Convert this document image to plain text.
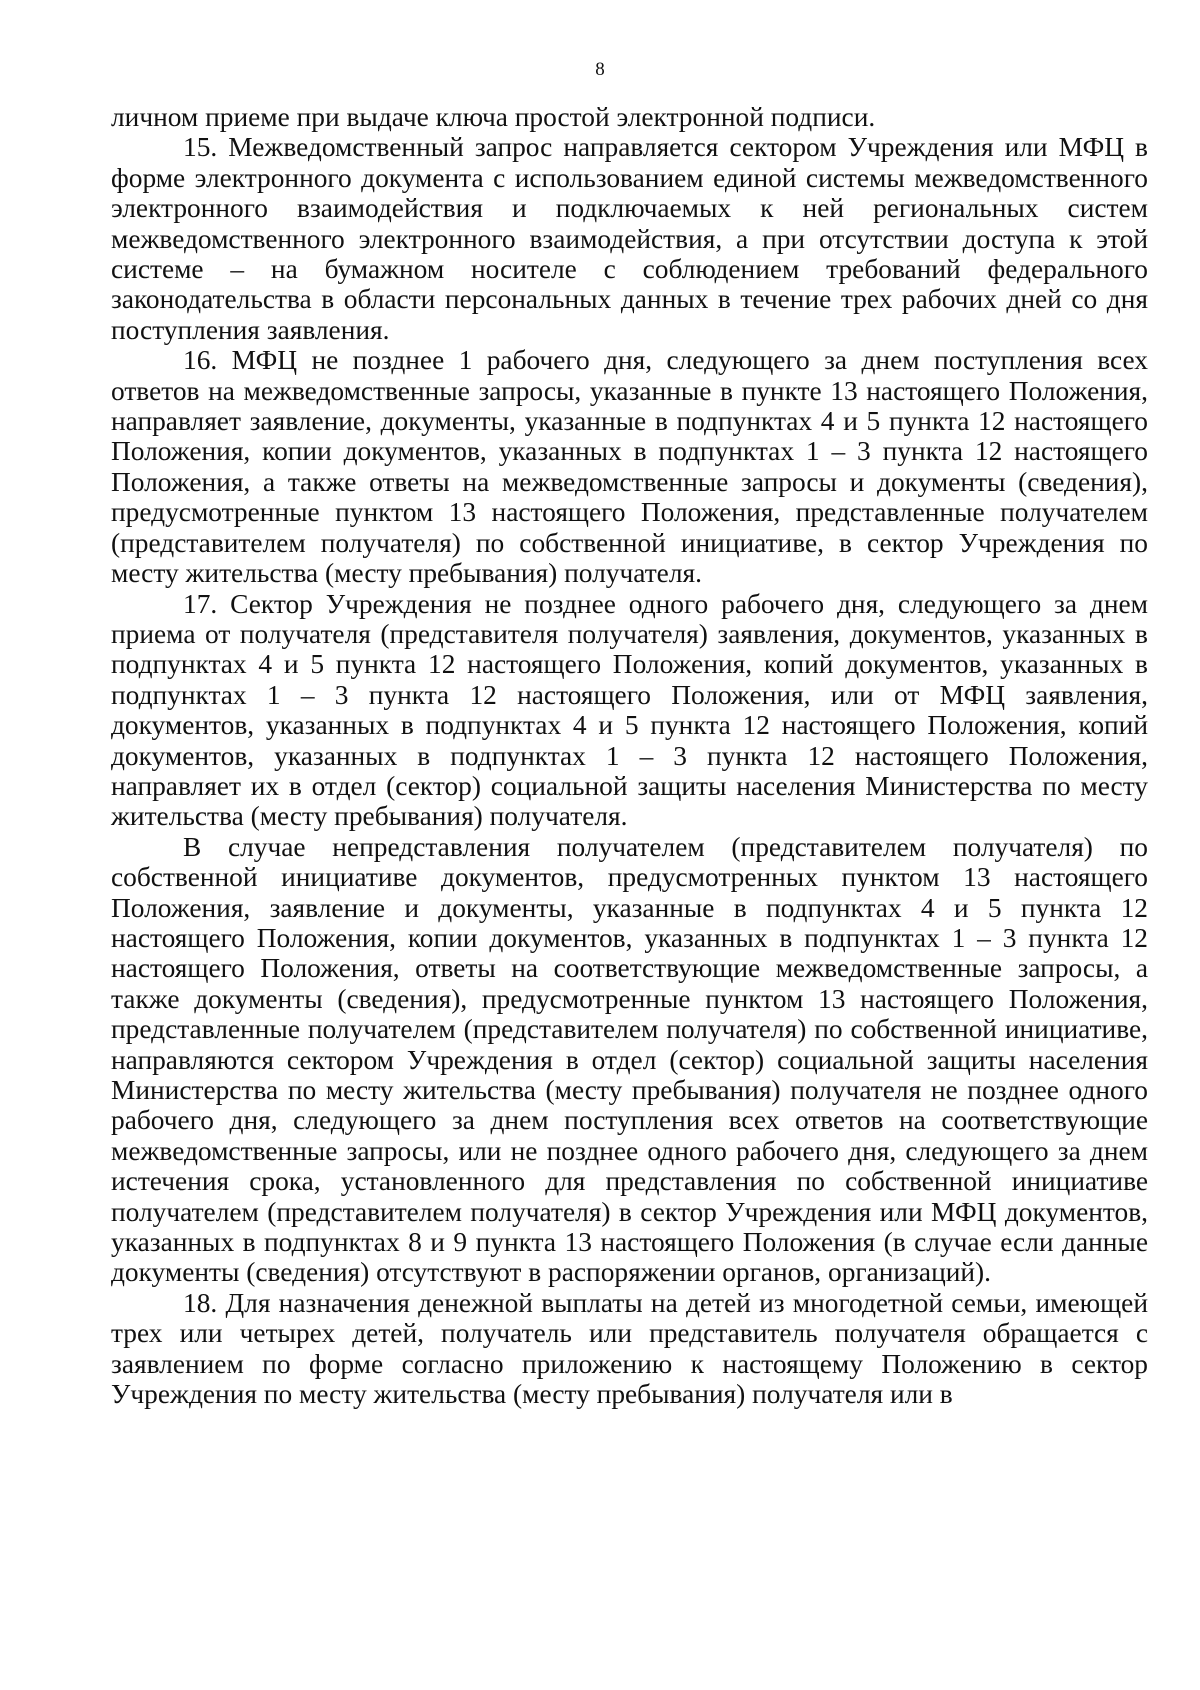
8

личном приеме при выдаче ключа простой электронной подписи.

15. Межведомственный запрос направляется сектором Учреждения или МФЦ в форме электронного документа с использованием единой системы межведомственного электронного взаимодействия и подключаемых к ней региональных систем межведомственного электронного взаимодействия, а при отсутствии доступа к этой системе – на бумажном носителе с соблюдением требований федерального законодательства в области персональных данных в течение трех рабочих дней со дня поступления заявления.

16. МФЦ не позднее 1 рабочего дня, следующего за днем поступления всех ответов на межведомственные запросы, указанные в пункте 13 настоящего Положения, направляет заявление, документы, указанные в подпунктах 4 и 5 пункта 12 настоящего Положения, копии документов, указанных в подпунктах 1 – 3 пункта 12 настоящего Положения, а также ответы на межведомственные запросы и документы (сведения), предусмотренные пунктом 13 настоящего Положения, представленные получателем (представителем получателя) по собственной инициативе, в сектор Учреждения по месту жительства (месту пребывания) получателя.

17. Сектор Учреждения не позднее одного рабочего дня, следующего за днем приема от получателя (представителя получателя) заявления, документов, указанных в подпунктах 4 и 5 пункта 12 настоящего Положения, копий документов, указанных в подпунктах 1 – 3 пункта 12 настоящего Положения, или от МФЦ заявления, документов, указанных в подпунктах 4 и 5 пункта 12 настоящего Положения, копий документов, указанных в подпунктах 1 – 3 пункта 12 настоящего Положения, направляет их в отдел (сектор) социальной защиты населения Министерства по месту жительства (месту пребывания) получателя.

В случае непредставления получателем (представителем получателя) по собственной инициативе документов, предусмотренных пунктом 13 настоящего Положения, заявление и документы, указанные в подпунктах 4 и 5 пункта 12 настоящего Положения, копии документов, указанных в подпунктах 1 – 3 пункта 12 настоящего Положения, ответы на соответствующие межведомственные запросы, а также документы (сведения), предусмотренные пунктом 13 настоящего Положения, представленные получателем (представителем получателя) по собственной инициативе, направляются сектором Учреждения в отдел (сектор) социальной защиты населения Министерства по месту жительства (месту пребывания) получателя не позднее одного рабочего дня, следующего за днем поступления всех ответов на соответствующие межведомственные запросы, или не позднее одного рабочего дня, следующего за днем истечения срока, установленного для представления по собственной инициативе получателем (представителем получателя) в сектор Учреждения или МФЦ документов, указанных в подпунктах 8 и 9 пункта 13 настоящего Положения (в случае если данные документы (сведения) отсутствуют в распоряжении органов, организаций).

18. Для назначения денежной выплаты на детей из многодетной семьи, имеющей трех или четырех детей, получатель или представитель получателя обращается с заявлением по форме согласно приложению к настоящему Положению в сектор Учреждения по месту жительства (месту пребывания) получателя или в
